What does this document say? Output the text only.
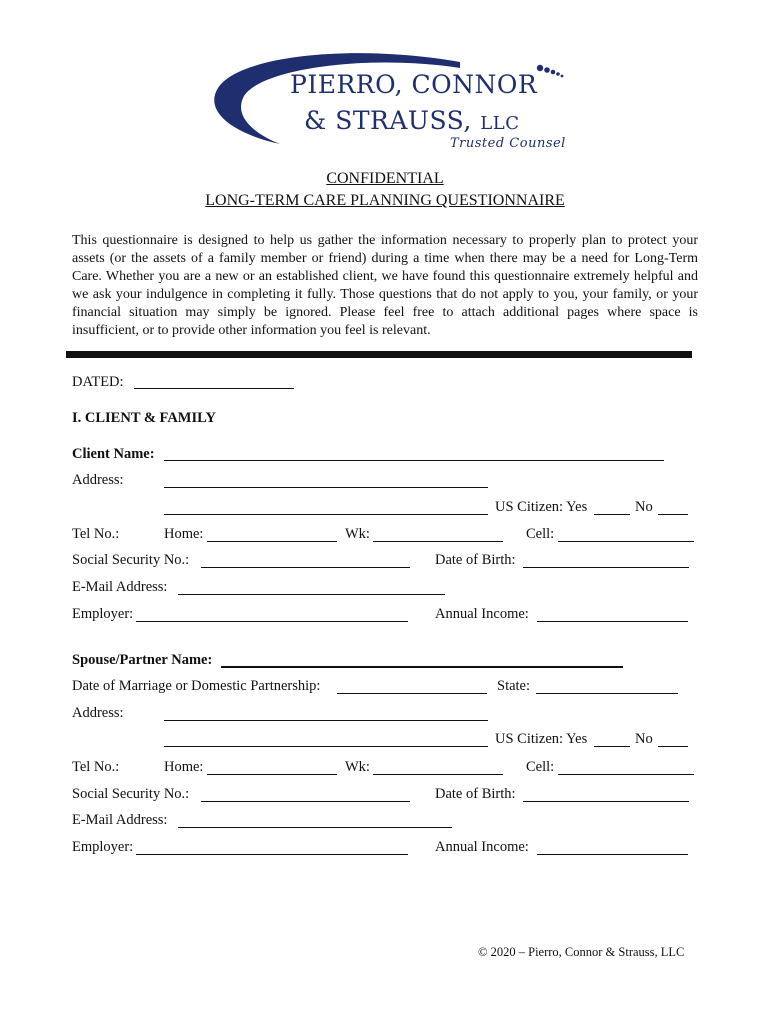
PIERRO, CONNOR
& STRAUSS, LLC
Trusted Counsel
CONFIDENTIAL
LONG-TERM CARE PLANNING QUESTIONNAIRE
This questionnaire is designed to help us gather the information necessary to properly plan to protect your assets (or the assets of a family member or friend) during a time when there may be a need for Long-Term Care. Whether you are a new or an established client, we have found this questionnaire extremely helpful and we ask your indulgence in completing it fully. Those questions that do not apply to you, your family, or your financial situation may simply be ignored. Please feel free to attach additional pages where space is insufficient, or to provide other information you feel is relevant.
DATED:
I. CLIENT & FAMILY
Client Name:
Address:
US Citizen: Yes	No
Tel No.:	Home:	Wk:	Cell:
Social Security No.:	Date of Birth:
E-Mail Address:
Employer:	Annual Income:
Spouse/Partner Name:
Date of Marriage or Domestic Partnership:	State:
Address:
US Citizen: Yes	No
Tel No.:	Home:	Wk:	Cell:
Social Security No.:	Date of Birth:
E-Mail Address:
Employer:	Annual Income:
© 2020 – Pierro, Connor & Strauss, LLC
